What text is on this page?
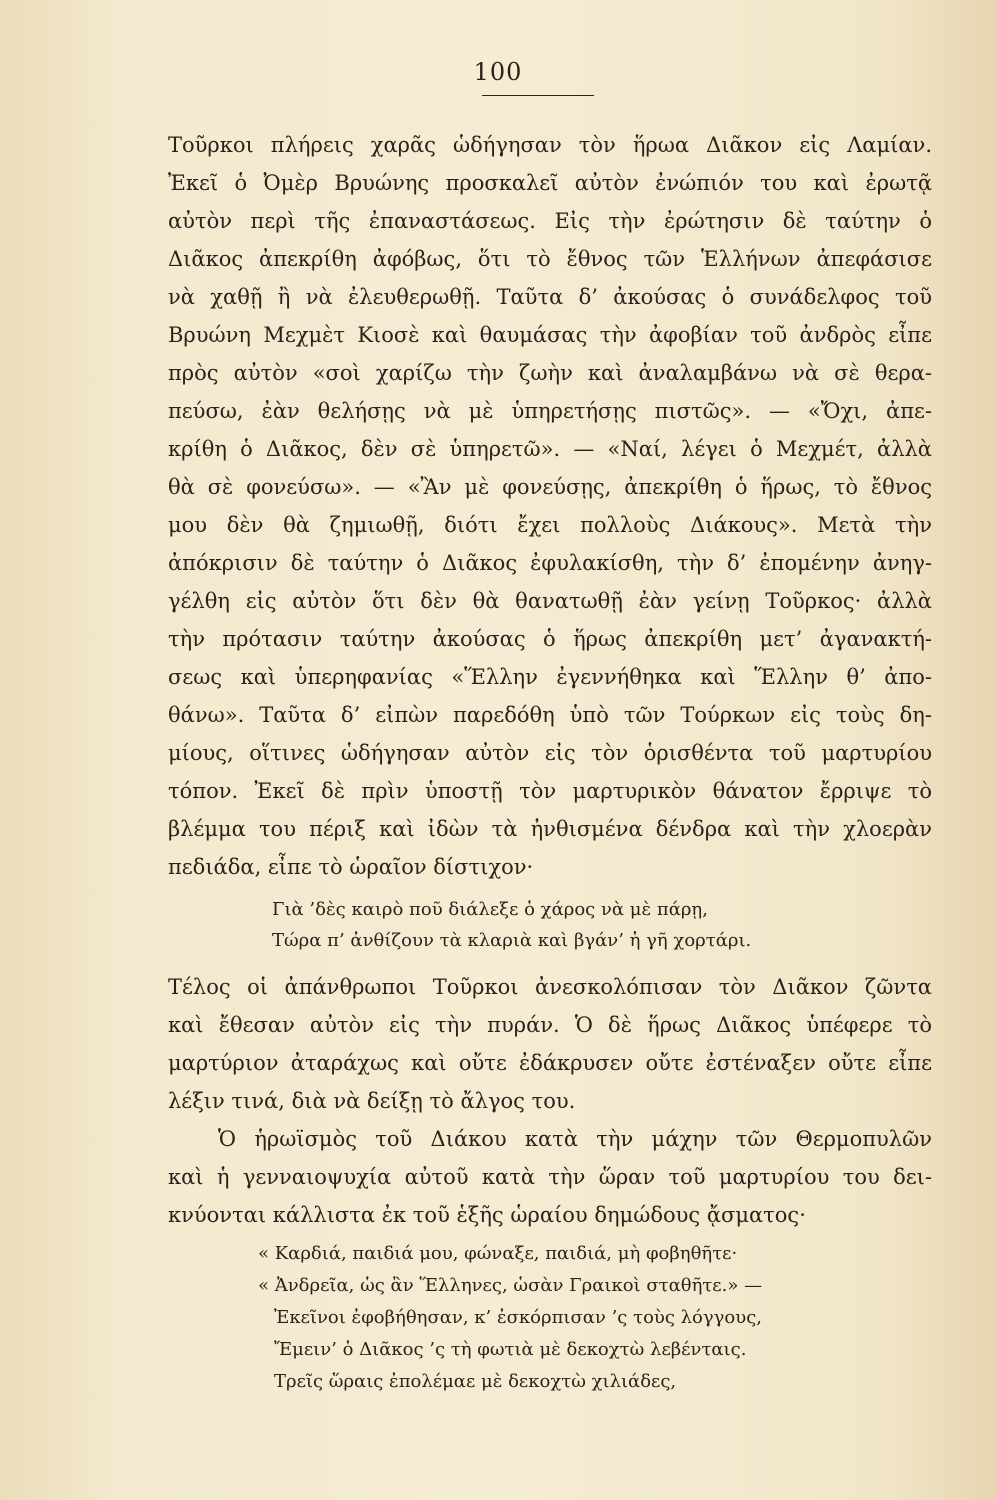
100
Τοῦρκοι πλήρεις χαρᾶς ὡδήγησαν τὸν ἥρωα Διᾶκον εἰς Λαμίαν.
Ἐκεῖ ὁ Ὀμὲρ Βρυώνης προσκαλεῖ αὐτὸν ἐνώπιόν του καὶ ἐρωτᾷ
αὐτὸν περὶ τῆς ἐπαναστάσεως. Εἰς τὴν ἐρώτησιν δὲ ταύτην ὁ
Διᾶκος ἀπεκρίθη ἀφόβως, ὅτι τὸ ἔθνος τῶν Ἑλλήνων ἀπεφάσισε
νὰ χαθῇ ἢ νὰ ἐλευθερωθῇ. Ταῦτα δ’ ἀκούσας ὁ συνάδελφος τοῦ
Βρυώνη Μεχμὲτ Κιοσὲ καὶ θαυμάσας τὴν ἀφοβίαν τοῦ ἀνδρὸς εἶπε
πρὸς αὐτὸν «σοὶ χαρίζω τὴν ζωὴν καὶ ἀναλαμβάνω νὰ σὲ θερα-
πεύσω, ἐὰν θελήσῃς νὰ μὲ ὑπηρετήσῃς πιστῶς». — «Ὄχι, ἀπε-
κρίθη ὁ Διᾶκος, δὲν σὲ ὑπηρετῶ». — «Ναί, λέγει ὁ Μεχμέτ, ἀλλὰ
θὰ σὲ φονεύσω». — «Ἂν μὲ φονεύσῃς, ἀπεκρίθη ὁ ἥρως, τὸ ἔθνος
μου δὲν θὰ ζημιωθῇ, διότι ἔχει πολλοὺς Διάκους». Μετὰ τὴν
ἀπόκρισιν δὲ ταύτην ὁ Διᾶκος ἐφυλακίσθη, τὴν δ’ ἐπομένην ἀνηγ-
γέλθη εἰς αὐτὸν ὅτι δὲν θὰ θανατωθῇ ἐὰν γείνῃ Τοῦρκος· ἀλλὰ
τὴν πρότασιν ταύτην ἀκούσας ὁ ἥρως ἀπεκρίθη μετ’ ἀγανακτή-
σεως καὶ ὑπερηφανίας «Ἕλλην ἐγεννήθηκα καὶ Ἕλλην θ’ ἀπο-
θάνω». Ταῦτα δ’ εἰπὼν παρεδόθη ὑπὸ τῶν Τούρκων εἰς τοὺς δη-
μίους, οἵτινες ὡδήγησαν αὐτὸν εἰς τὸν ὁρισθέντα τοῦ μαρτυρίου
τόπον. Ἐκεῖ δὲ πρὶν ὑποστῇ τὸν μαρτυρικὸν θάνατον ἔρριψε τὸ
βλέμμα του πέριξ καὶ ἰδὼν τὰ ἠνθισμένα δένδρα καὶ τὴν χλοερὰν
πεδιάδα, εἶπε τὸ ὡραῖον δίστιχον·
Γιὰ ’δὲς καιρὸ ποῦ διάλεξε ὁ χάρος νὰ μὲ πάρῃ,
Τώρα π’ ἀνθίζουν τὰ κλαριὰ καὶ βγάν’ ἡ γῆ χορτάρι.
Τέλος οἱ ἀπάνθρωποι Τοῦρκοι ἀνεσκολόπισαν τὸν Διᾶκον ζῶντα
καὶ ἔθεσαν αὐτὸν εἰς τὴν πυράν. Ὁ δὲ ἥρως Διᾶκος ὑπέφερε τὸ
μαρτύριον ἀταράχως καὶ οὔτε ἐδάκρυσεν οὔτε ἐστέναξεν οὔτε εἶπε
λέξιν τινά, διὰ νὰ δείξῃ τὸ ἄλγος του.
Ὁ ἡρωϊσμὸς τοῦ Διάκου κατὰ τὴν μάχην τῶν Θερμοπυλῶν
καὶ ἡ γενναιοψυχία αὐτοῦ κατὰ τὴν ὥραν τοῦ μαρτυρίου του δει-
κνύονται κάλλιστα ἐκ τοῦ ἑξῆς ὡραίου δημώδους ᾄσματος·
« Καρδιά, παιδιά μου, φώναξε, παιδιά, μὴ φοβηθῆτε·
« Ἀνδρεῖα, ὡς ἂν Ἕλληνες, ὡσὰν Γραικοὶ σταθῆτε.» —
Ἐκεῖνοι ἐφοβήθησαν, κ’ ἐσκόρπισαν ’ς τοὺς λόγγους,
Ἔμειν’ ὁ Διᾶκος ’ς τὴ φωτιὰ μὲ δεκοχτὼ λεβένταις.
Τρεῖς ὥραις ἐπολέμαε μὲ δεκοχτὼ χιλιάδες,
